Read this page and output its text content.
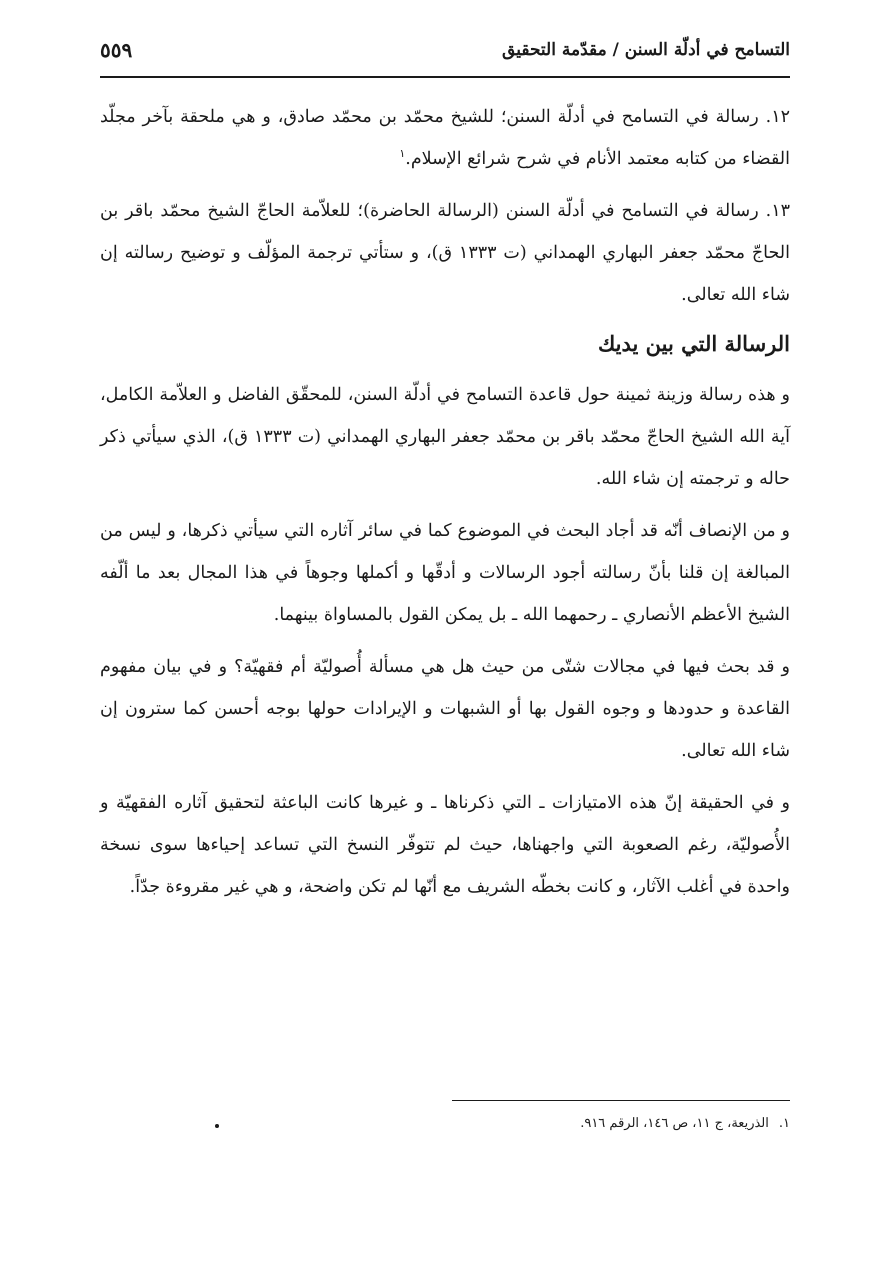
التسامح في أدلّة السنن / مقدّمة التحقيق
٥٥٩

١٢. رسالة في التسامح في أدلّة السنن؛ للشيخ محمّد بن محمّد صادق، و هي ملحقة بآخر مجلّد القضاء من كتابه معتمد الأنام في شرح شرائع الإسلام.$^١$

١٣. رسالة في التسامح في أدلّة السنن (الرسالة الحاضرة)؛ للعلاّمة الحاجّ الشيخ محمّد باقر بن الحاجّ محمّد جعفر البهاري الهمداني (ت ١٣٣٣ ق)، و ستأتي ترجمة المؤلّف و توضيح رسالته إن شاء الله تعالى.

الرسالة التي بين يديك

و هذه رسالة وزينة ثمينة حول قاعدة التسامح في أدلّة السنن، للمحقّق الفاضل و العلاّمة الكامل، آية الله الشيخ الحاجّ محمّد باقر بن محمّد جعفر البهاري الهمداني (ت ١٣٣٣ ق)، الذي سيأتي ذكر حاله و ترجمته إن شاء الله.

و من الإنصاف أنّه قد أجاد البحث في الموضوع كما في سائر آثاره التي سيأتي ذكرها، و ليس من المبالغة إن قلنا بأنّ رسالته أجود الرسالات و أدقّها و أكملها وجوهاً في هذا المجال بعد ما ألّفه الشيخ الأعظم الأنصاري ـ رحمهما الله ـ بل يمكن القول بالمساواة بينهما.

و قد بحث فيها في مجالات شتّى من حيث هل هي مسألة أُصوليّة أم فقهيّة؟ و في بيان مفهوم القاعدة و حدودها و وجوه القول بها أو الشبهات و الإيرادات حولها بوجه أحسن كما سترون إن شاء الله تعالى.

و في الحقيقة إنّ هذه الامتيازات ـ التي ذكرناها ـ و غيرها كانت الباعثة لتحقيق آثاره الفقهيّة و الأُصوليّة، رغم الصعوبة التي واجهناها، حيث لم تتوفّر النسخ التي تساعد إحياءها سوى نسخة واحدة في أغلب الآثار، و كانت بخطّه الشريف مع أنّها لم تكن واضحة، و هي غير مقروءة جدّاً.

١.الذريعة، ج ١١، ص ١٤٦، الرقم ٩١٦.
